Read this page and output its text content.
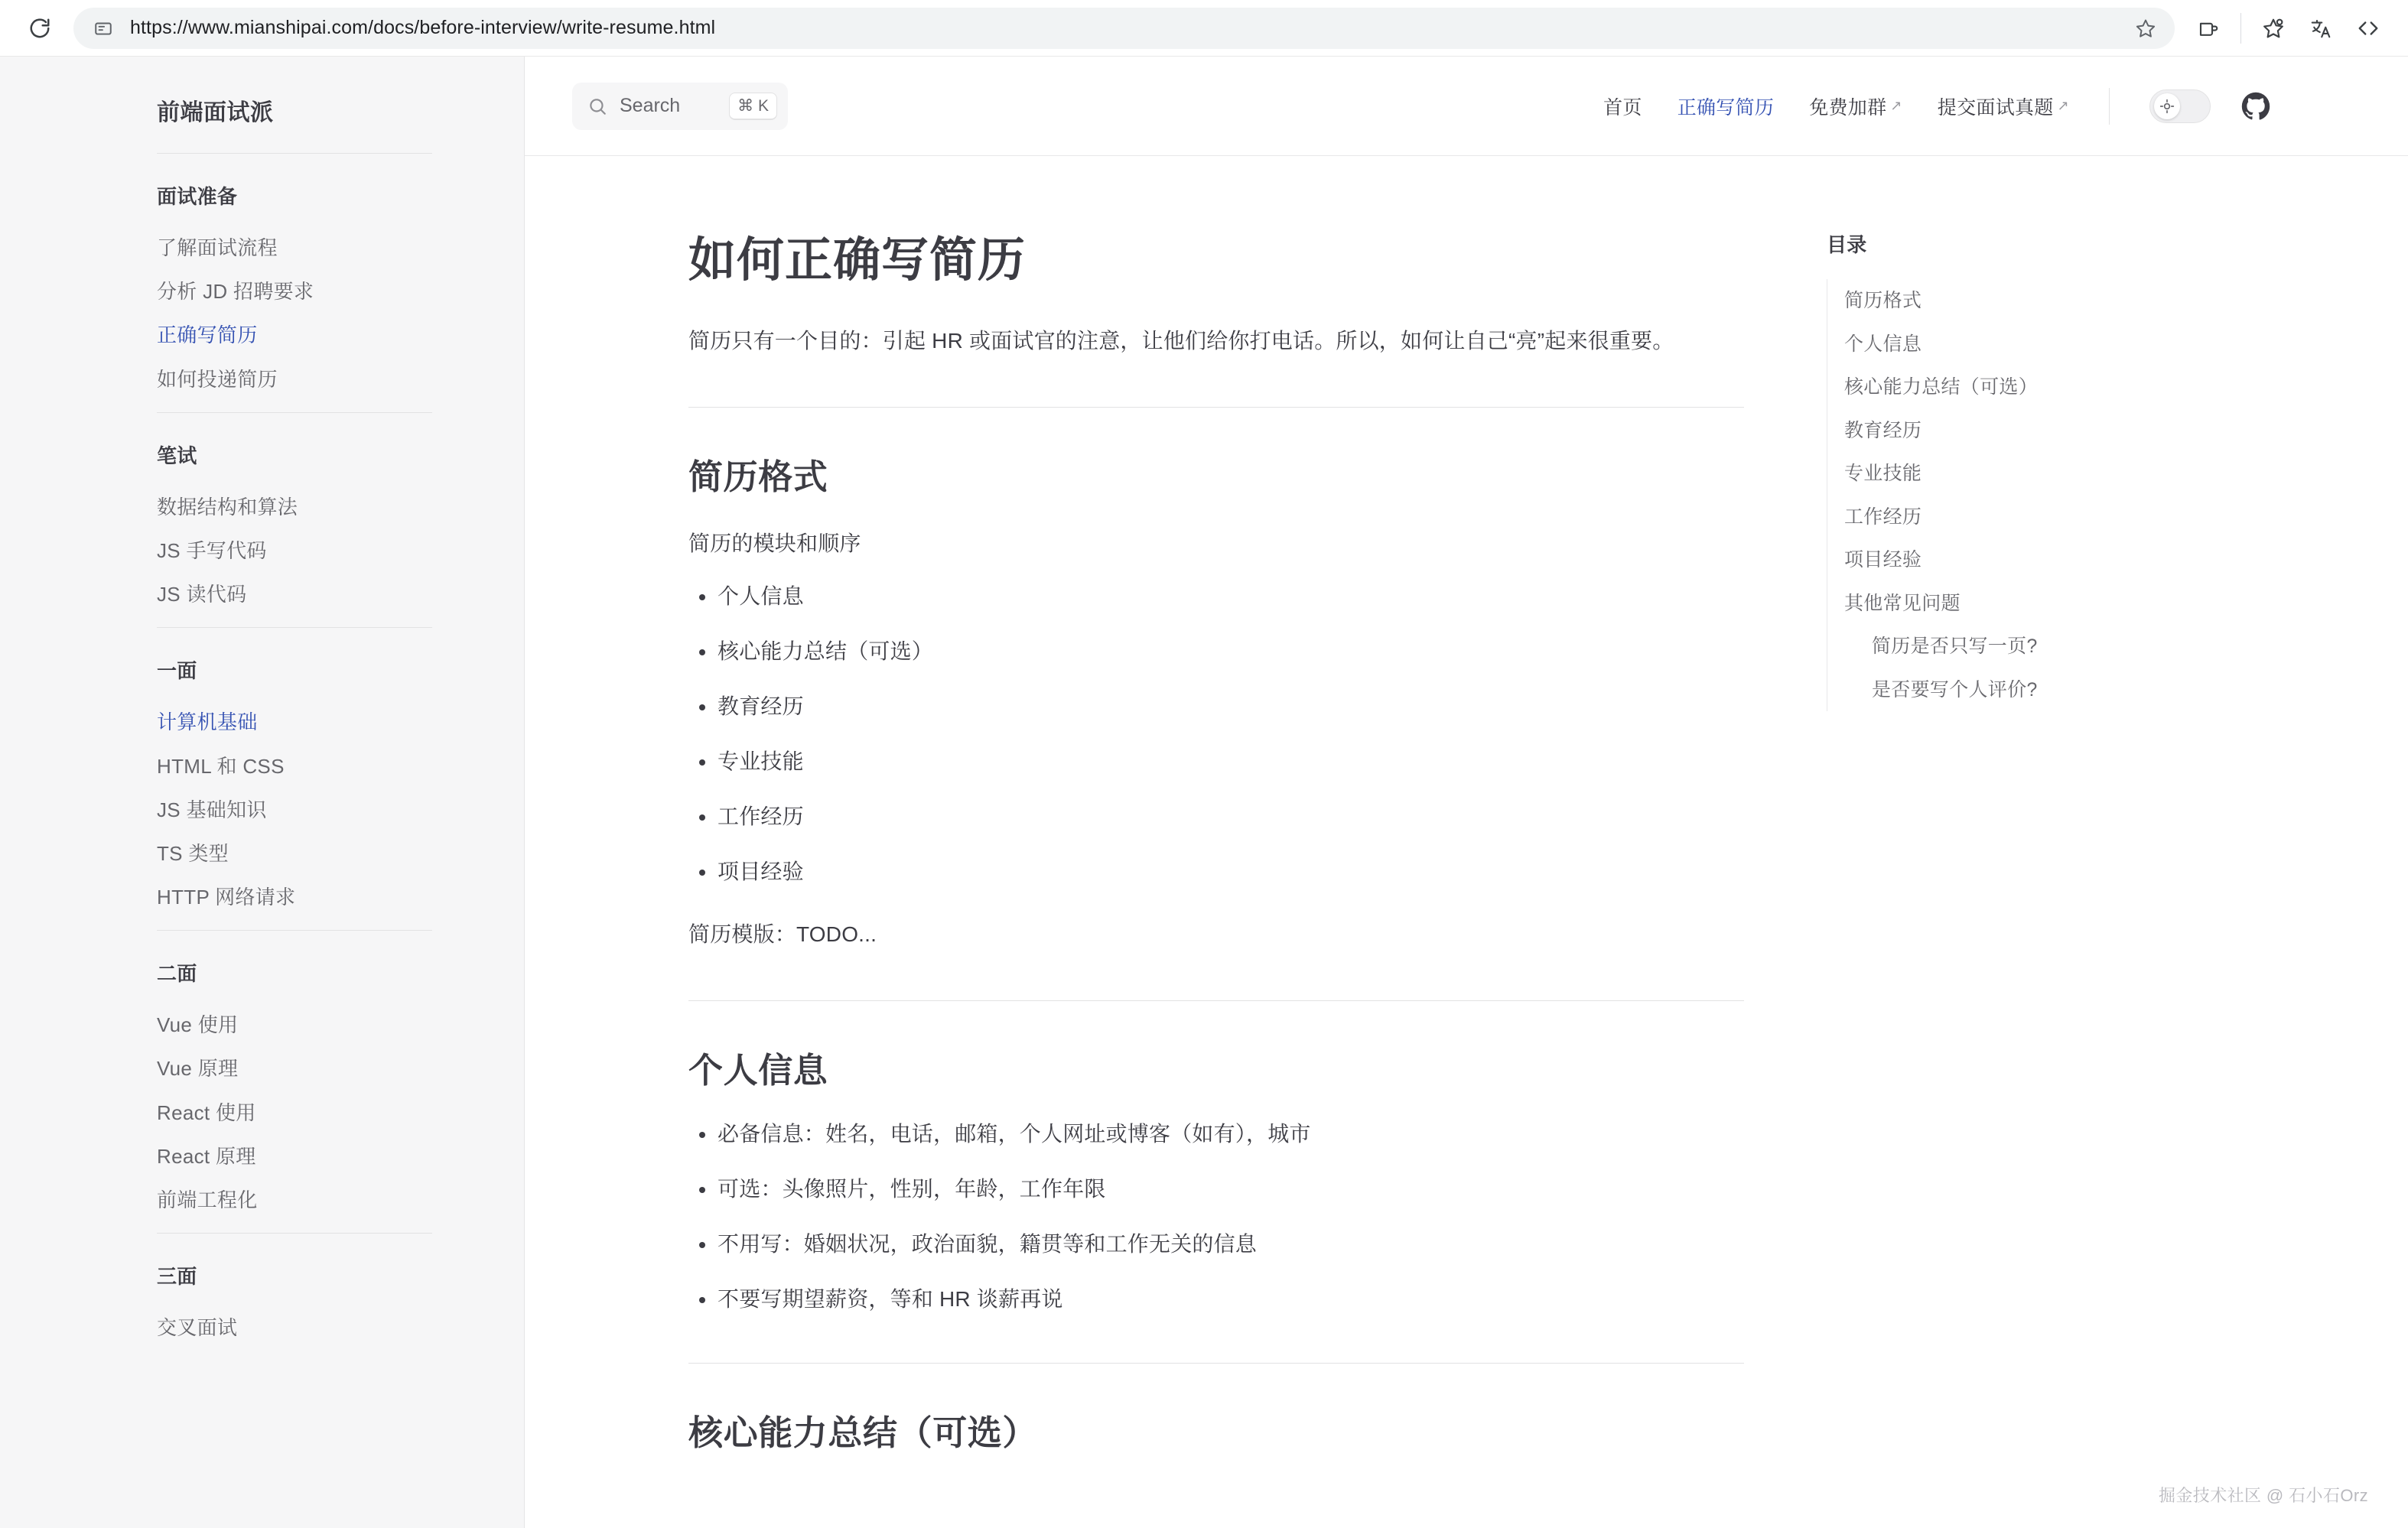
https://www.mianshipai.com/docs/before-interview/write-resume.html
前端面试派
面试准备
了解面试流程
分析 JD 招聘要求
正确写简历
如何投递简历
笔试
数据结构和算法
JS 手写代码
JS 读代码
一面
计算机基础
HTML 和 CSS
JS 基础知识
TS 类型
HTTP 网络请求
二面
Vue 使用
Vue 原理
React 使用
React 原理
前端工程化
三面
交叉面试
Search	⌘ K	首页 正确写简历 免费加群 ↗ 提交面试真题 ↗
如何正确写简历

简历只有一个目的：引起 HR 或面试官的注意，让他们给你打电话。所以，如何让自己“亮”起来很重要。

简历格式

简历的模块和顺序

个人信息
核心能力总结（可选）
教育经历
专业技能
工作经历
项目经验

简历模版：TODO...

个人信息
必备信息：姓名，电话，邮箱，个人网址或博客（如有），城市
可选：头像照片，性别，年龄，工作年限
不用写：婚姻状况，政治面貌，籍贯等和工作无关的信息
不要写期望薪资，等和 HR 谈薪再说
核心能力总结（可选）
目录
简历格式
个人信息
核心能力总结（可选）
教育经历
专业技能
工作经历
项目经验
其他常见问题
简历是否只写一页?
是否要写个人评价?
掘金技术社区 @ 石小石Orz
